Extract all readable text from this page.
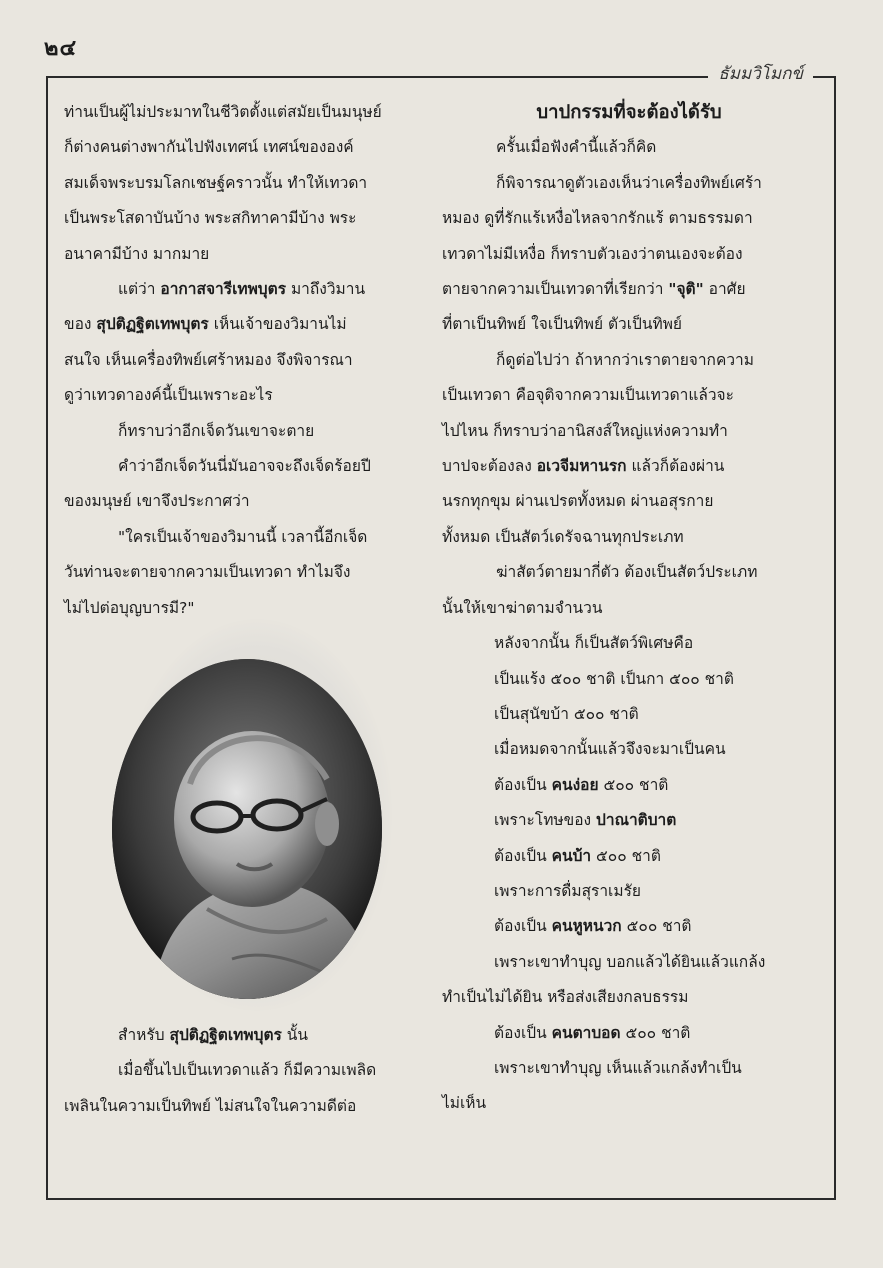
๒๔
ธัมมวิโมกข์

ท่านเป็นผู้ไม่ประมาทในชีวิตตั้งแต่สมัยเป็นมนุษย์
ก็ต่างคนต่างพากันไปฟังเทศน์ เทศน์ขององค์
สมเด็จพระบรมโลกเชษฐ์คราวนั้น ทำให้เทวดา
เป็นพระโสดาบันบ้าง พระสกิทาคามีบ้าง พระ
อนาคามีบ้าง มากมาย

แต่ว่า อากาสจารีเทพบุตร มาถึงวิมาน

ของ สุปติฏฐิตเทพบุตร เห็นเจ้าของวิมานไม่
สนใจ เห็นเครื่องทิพย์เศร้าหมอง จึงพิจารณา
ดูว่าเทวดาองค์นี้เป็นเพราะอะไร

ก็ทราบว่าอีกเจ็ดวันเขาจะตาย

คำว่าอีกเจ็ดวันนี่มันอาจจะถึงเจ็ดร้อยปี

ของมนุษย์ เขาจึงประกาศว่า

"ใครเป็นเจ้าของวิมานนี้ เวลานี้อีกเจ็ด

วันท่านจะตายจากความเป็นเทวดา ทำไมจึง

ไม่ไปต่อบุญบารมี?"

สำหรับ สุปติฏฐิตเทพบุตร นั้น

เมื่อขึ้นไปเป็นเทวดาแล้ว ก็มีความเพลิด

เพลินในความเป็นทิพย์ ไม่สนใจในความดีต่อ

บาปกรรมที่จะต้องได้รับ

ครั้นเมื่อฟังคำนี้แล้วก็คิด

ก็พิจารณาดูตัวเองเห็นว่าเครื่องทิพย์เศร้า

หมอง ดูที่รักแร้เหงื่อไหลจากรักแร้ ตามธรรมดา
เทวดาไม่มีเหงื่อ ก็ทราบตัวเองว่าตนเองจะต้อง
ตายจากความเป็นเทวดาที่เรียกว่า "จุติ" อาศัย
ที่ตาเป็นทิพย์ ใจเป็นทิพย์ ตัวเป็นทิพย์

ก็ดูต่อไปว่า ถ้าหากว่าเราตายจากความ

เป็นเทวดา คือจุติจากความเป็นเทวดาแล้วจะ
ไปไหน ก็ทราบว่าอานิสงส์ใหญ่แห่งความทำ
บาปจะต้องลง อเวจีมหานรก แล้วก็ต้องผ่าน
นรกทุกขุม ผ่านเปรตทั้งหมด ผ่านอสุรกาย
ทั้งหมด เป็นสัตว์เดรัจฉานทุกประเภท

ฆ่าสัตว์ตายมากี่ตัว ต้องเป็นสัตว์ประเภท

นั้นให้เขาฆ่าตามจำนวน

หลังจากนั้น ก็เป็นสัตว์พิเศษคือ

เป็นแร้ง ๕๐๐ ชาติ เป็นกา ๕๐๐ ชาติ

เป็นสุนัขบ้า ๕๐๐ ชาติ

เมื่อหมดจากนั้นแล้วจึงจะมาเป็นคน

ต้องเป็น คนง่อย ๕๐๐ ชาติ

เพราะโทษของ ปาณาติบาต

ต้องเป็น คนบ้า ๕๐๐ ชาติ

เพราะการดื่มสุราเมรัย

ต้องเป็น คนหูหนวก ๕๐๐ ชาติ

เพราะเขาทำบุญ บอกแล้วได้ยินแล้วแกล้ง

ทำเป็นไม่ได้ยิน หรือส่งเสียงกลบธรรม

ต้องเป็น คนตาบอด ๕๐๐ ชาติ

เพราะเขาทำบุญ เห็นแล้วแกล้งทำเป็น

ไม่เห็น
